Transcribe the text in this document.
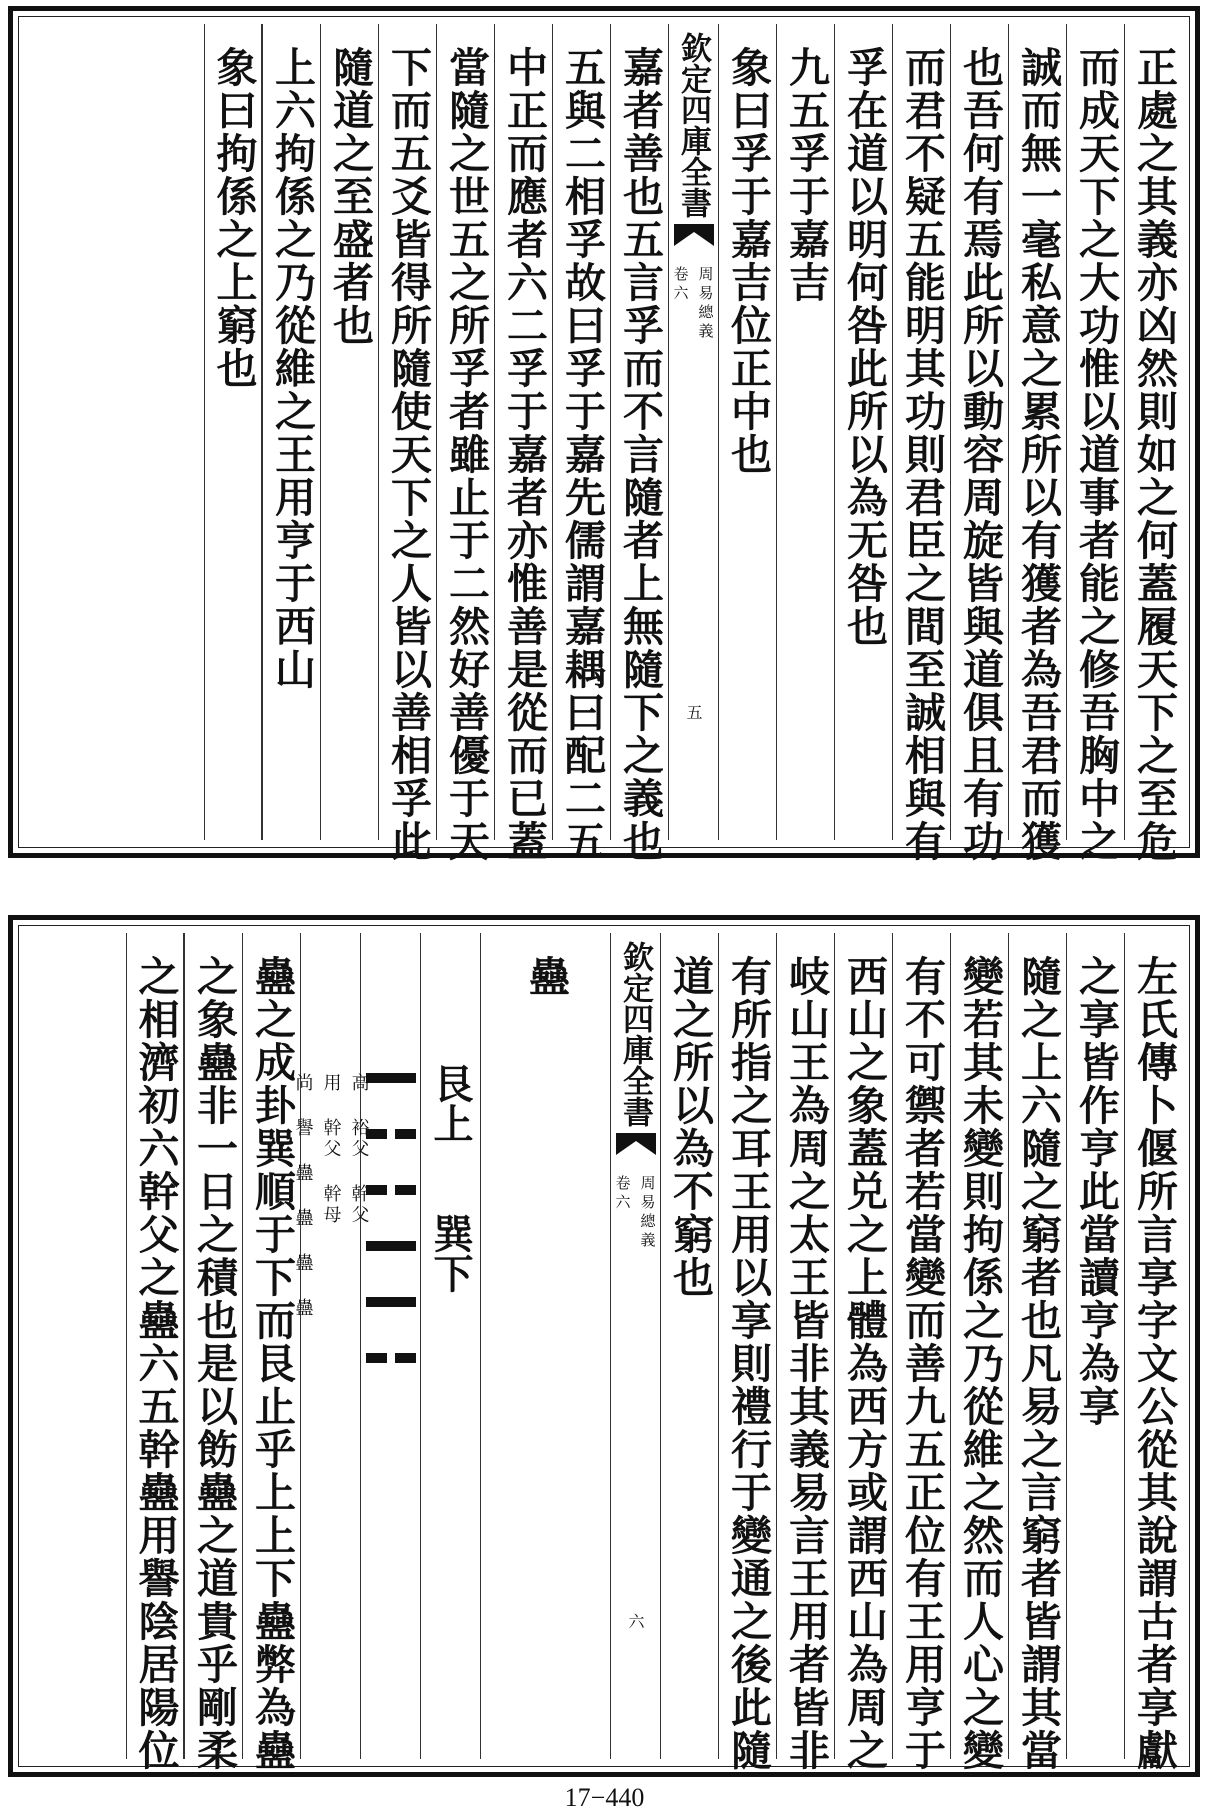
正處之其義亦凶然則如之何蓋履天下之至危
而成天下之大功惟以道事者能之修吾胸中之
誠而無一毫私意之累所以有獲者為吾君而獲
也吾何有焉此所以動容周旋皆與道俱且有功
而君不疑五能明其功則君臣之間至誠相與有
孚在道以明何咎此所以為无咎也
九五孚于嘉吉
象曰孚于嘉吉位正中也
欽定四庫全書
周易總義
卷六
五
嘉者善也五言孚而不言隨者上無隨下之義也
五與二相孚故曰孚于嘉先儒謂嘉耦曰配二五
中正而應者六二孚于嘉者亦惟善是從而已蓋
當隨之世五之所孚者雖止于二然好善優于天
下而五爻皆得所隨使天下之人皆以善相孚此
隨道之至盛者也
上六拘係之乃從維之王用亨于西山
象曰拘係之上窮也
左氏傳卜偃所言享字文公從其說謂古者享獻
之享皆作亨此當讀亨為享
隨之上六隨之窮者也凡易之言窮者皆謂其當
變若其未變則拘係之乃從維之然而人心之變
有不可禦者若當變而善九五正位有王用亨于
西山之象蓋兑之上體為西方或謂西山為周之
岐山王為周之太王皆非其義易言王用者皆非
有所指之耳王用以享則禮行于變通之後此隨
道之所以為不窮也
欽定四庫全書
周易總義
卷六
六
蠱
艮上
巽下
高 裕父 幹父
用 幹父 幹母
尚 譽 蠱 蠱 蠱 蠱
蠱之成卦巽順于下而艮止乎上上下蠱弊為蠱
之象蠱非一日之積也是以飭蠱之道貴乎剛柔
之相濟初六幹父之蠱六五幹蠱用譽陰居陽位
17−440
